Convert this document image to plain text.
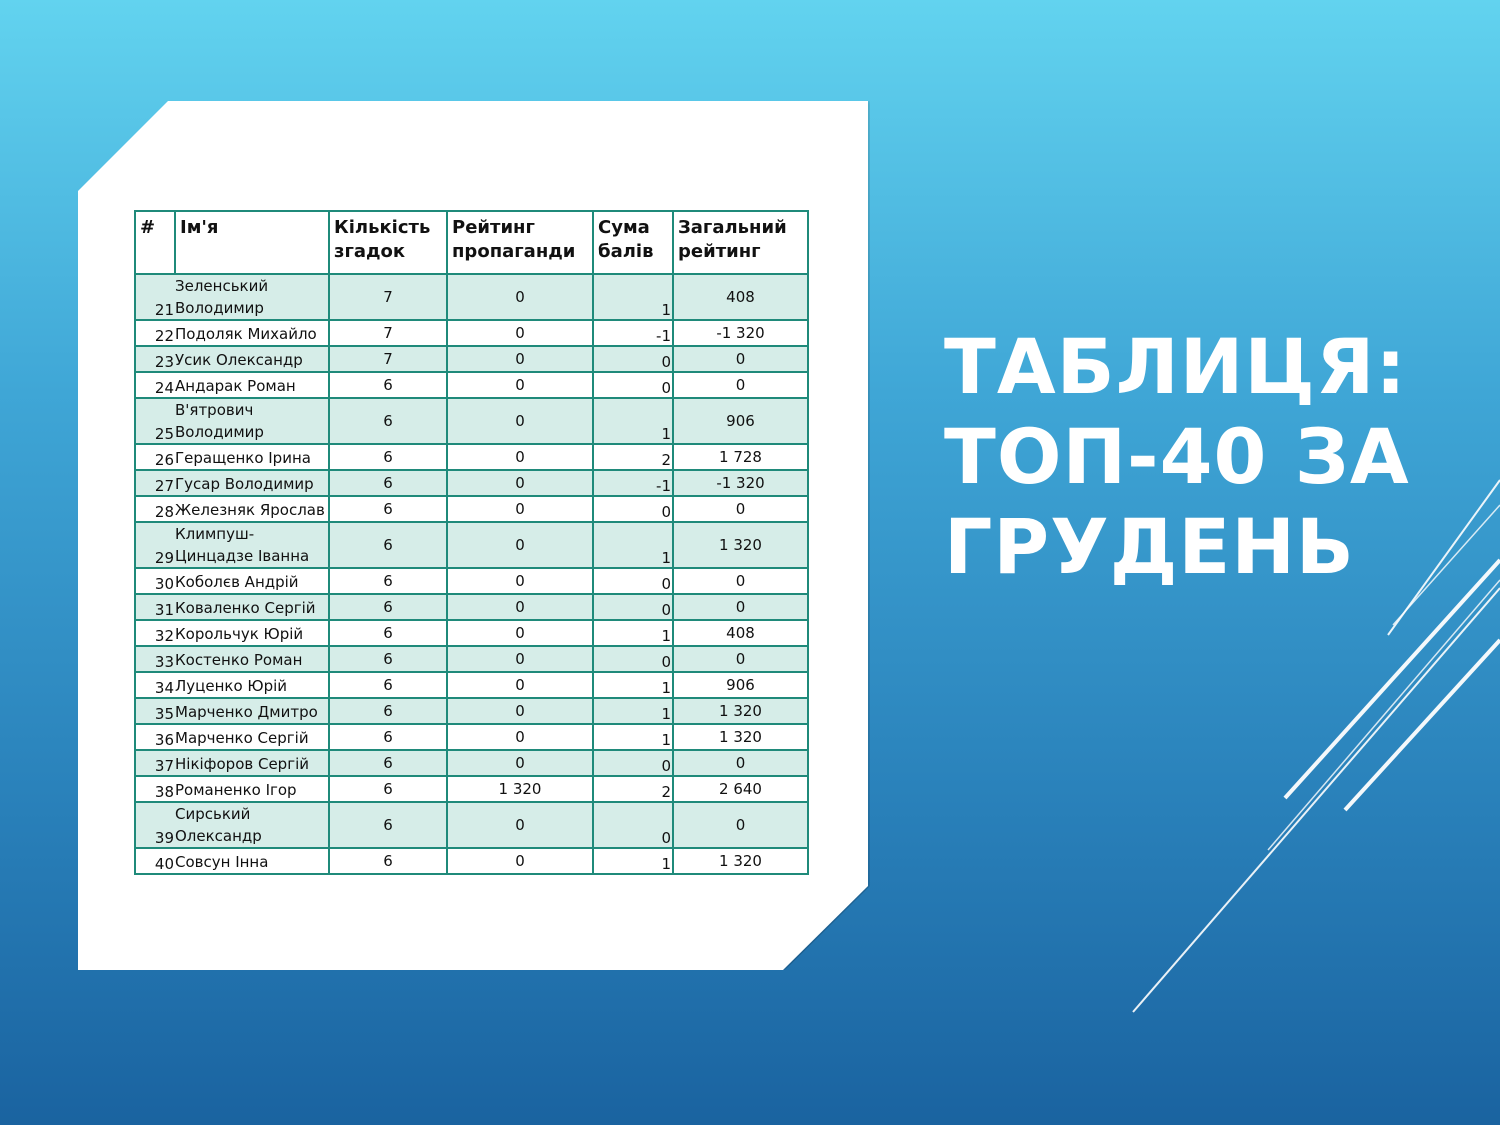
#	Ім'я	Кількість згадок	Рейтинг пропаганди	Сума балів	Загальний рейтинг
21	Зеленський Володимир	7	0	1	408
22	Подоляк Михайло	7	0	-1	-1 320
23	Усик Олександр	7	0	0	0
24	Андарак Роман	6	0	0	0
25	В'ятрович Володимир	6	0	1	906
26	Геращенко Ірина	6	0	2	1 728
27	Гусар Володимир	6	0	-1	-1 320
28	Железняк Ярослав	6	0	0	0
29	Климпуш-Цинцадзе Іванна	6	0	1	1 320
30	Коболєв Андрій	6	0	0	0
31	Коваленко Сергій	6	0	0	0
32	Корольчук Юрій	6	0	1	408
33	Костенко Роман	6	0	0	0
34	Луценко Юрій	6	0	1	906
35	Марченко Дмитро	6	0	1	1 320
36	Марченко Сергій	6	0	1	1 320
37	Нікіфоров Сергій	6	0	0	0
38	Романенко Ігор	6	1 320	2	2 640
39	Сирський Олександр	6	0	0	0
40	Совсун Інна	6	0	1	1 320
ТАБЛИЦЯ:
ТОП-40 ЗА
ГРУДЕНЬ
